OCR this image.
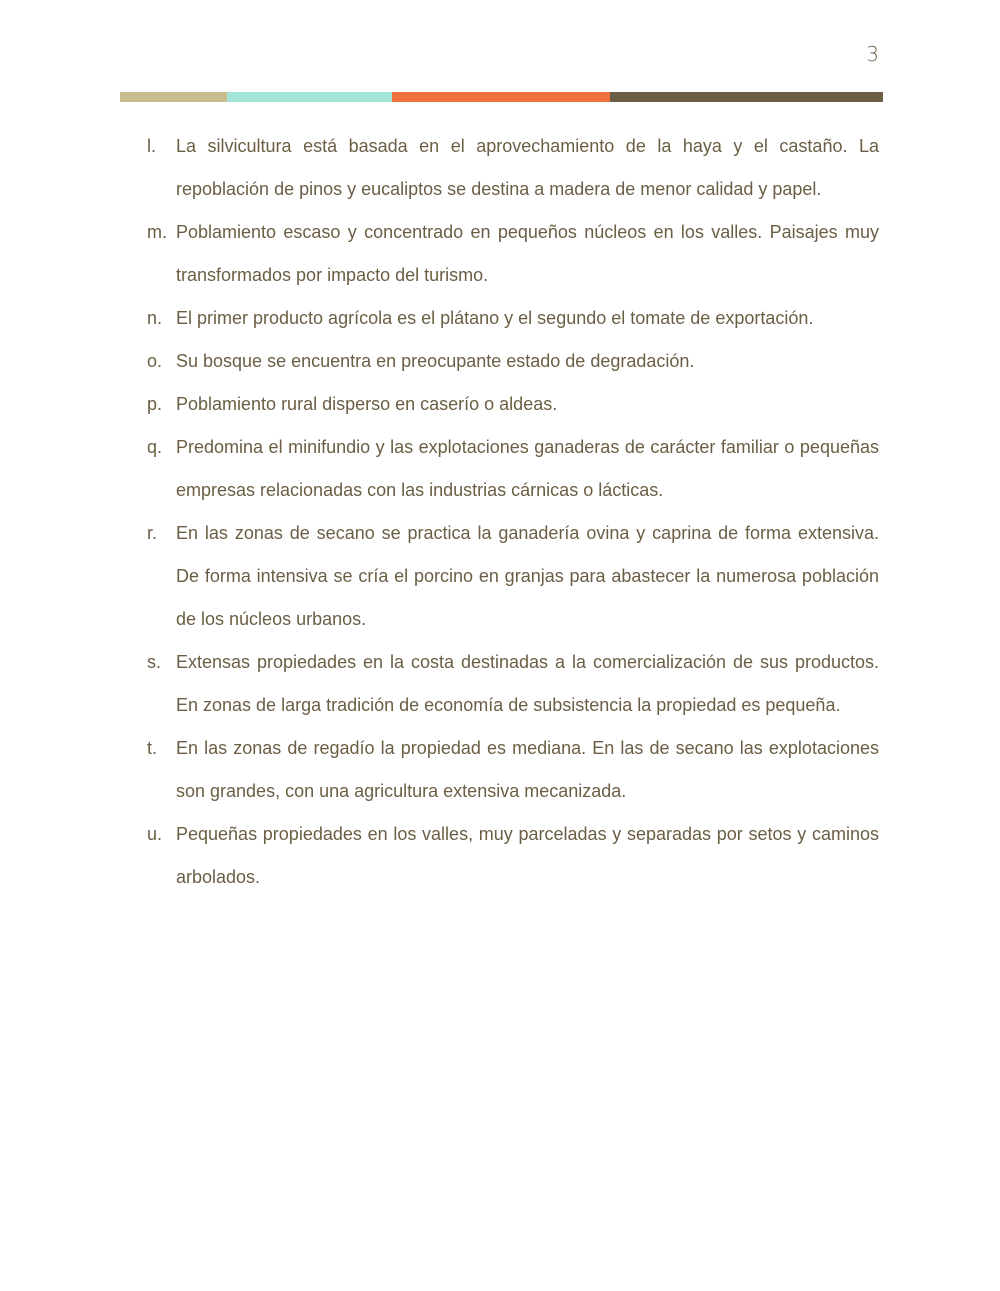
3
l.	La silvicultura está basada en el aprovechamiento de la haya y el castaño. La repoblación de pinos y eucaliptos se destina a madera de menor calidad y papel.
m. Poblamiento escaso y concentrado en pequeños núcleos en los valles. Paisajes muy transformados por impacto del turismo.
n. El primer producto agrícola es el plátano y el segundo el tomate de exportación.
o. Su bosque se encuentra en preocupante estado de degradación.
p. Poblamiento rural disperso en caserío o aldeas.
q. Predomina el minifundio y las explotaciones ganaderas de carácter familiar o pequeñas empresas relacionadas con las industrias cárnicas o lácticas.
r.	En las zonas de secano se practica la ganadería ovina y caprina de forma extensiva. De forma intensiva se cría el porcino en granjas para abastecer la numerosa población de los núcleos urbanos.
s. Extensas propiedades en la costa destinadas a la comercialización de sus productos. En zonas de larga tradición de economía de subsistencia la propiedad es pequeña.
t.	En las zonas de regadío la propiedad es mediana. En las de secano las explotaciones son grandes, con una agricultura extensiva mecanizada.
u. Pequeñas propiedades en los valles, muy parceladas y separadas por setos y caminos arbolados.
